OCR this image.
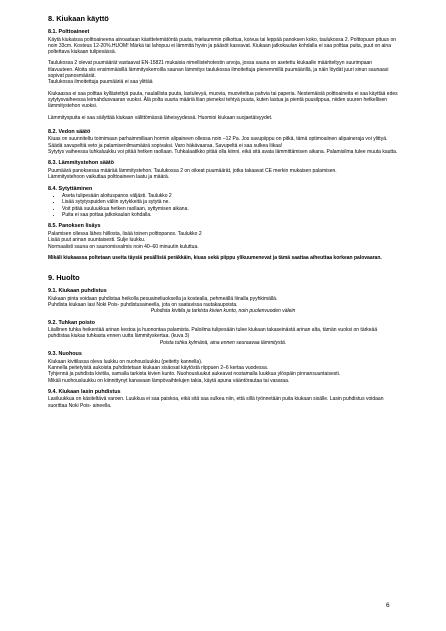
8. Kiukaan käyttö
8.1. Polttoaineet

Käytä kiukaissa polttoaineena ainoastaan käsittelemätöntä puuta, mieluummin pilkottua, koivua tai leppää panoksen koko, taulukossa 2. Polttopuun pituus on noin 33cm. Kosteus 12-20%.HUOM! Märkä tai lahopuu ei lämmitä hyvin ja pääsöt kasvavat. Kiukaan jatkokaulan kohdalla ei saa polttaa puita, puut on aina poltettava kiukaan tulipesässä.

Taulukossa 2 olevat puumäärät vastaavat EN-15821 mukaisia nimellistehotestin arvoja, jossa sauna on asetettu kiukaalle määriteltyyn suurimpaan tilavuuteen. Aloita siis ensimmäisillä lämmityskerroilla saunan lämmitys taulukossa ilmoitettuja pienemmillä puumäärillä, ja näin löydät juuri sinun saunaasi sopivat panosmäärät.

Taulukossa ilmoitettuja puumääriä ei saa ylittää

Kiukaassa ei saa polttaa kyllästettyä puuta, naulallista puuta, lastulevyä, muovia, muovitettua pahvia tai paperia. Nestemäisiä polttoaineita ei saa käyttää edes sytytysvaiheessa leimahdusvaaran vuoksi. Älä polta suuria määriä liian pieneksi tehtyä puuta, kuten lastua ja pientä puusilppua, niiden suuren hetkellisen lämmitystehon vuoksi.

Lämmityspuita ei saa säilyttää kiukaan välittömässä läheisyydessä. Huomioi kiukaan suojaetäisyydet.

8.2. Vedon säätö

Kiuas on suunniteltu toimimaan parhaimmillaan hormin alipaineen ollessa noin –12 Pa. Jos savupiippu on pitkä, tämä optimoaiinen alipaineraja voi ylittyä. Säädä savupeltiä veto ja palamisenilmamäärä sopivaksi. Varo häkävaaraa. Savupeltä ei saa sulkea liikaa!

Sytytys vaiheessa tuhkaluukku voi pitää hetken raollaan. Tuhkalaatikko pitää olla kiinni. eikä sitä avata lämmittämisen aikana. Palamisilma tulee muuta kautta.

8.3. Lämmitystehon säätö

Puumäärä panoksessa määrää lämmitystehon. Taulukossa 2 on oikeat puumäärät, jotka takaavat CE merkin mukaisen palamisen.

Lämmitystehoon vaikuttaa polttoaineen laatu ja määrä.

8.4. Sytyttäminen
• Aseta tulipesään aloituspanos väljästi. Taulukko 2
• Lisää sytytyspuiden väliin sytykkeitä ja sytytä ne.
• Voit pitää suuluukkua hetken raollaan, syttymisen aikana.
• Puita ei saa pottaa jatkokaulan kohdalla.
8.5. Panoksen lisäys

Palamisen ollessa lähes hiillosta, lisää toinen polttopanos. Taulukko 2

Lisää puut arinan suuntaisesti. Sulje luukku.

Normaalisti sauna on saunomisvalmis noin 40–60 minuutin kuluttua.

Mikäli kiukaassa poltetaan useita täysiä pesällisiä peräkkäin, kiuas sekä piippu ylikuumenevat ja tämä saattaa aiheuttaa korkean palovaaran.

9. Huolto
9.1. Kiukaan puhdistus

Kiukaan pinta voidaan puhdistaa heikolla pesuaineliuoksella ja kostealla, pehmeällä liinalla pyyhkimällä.

Puhdista kiukaan lasi Noki Pois- puhdistusaineella, jota on saatavissa rautakaupoista.

Puhdista kivitila ja tarkista kivien kunto, noin puolenvuoden välein

9.2. Tuhkan poisto

Liiallinen tuhka heikentää arinan kestoa ja huonontaa palamista. Paloilma tulipesään tulee kiukaan takaseinästä arinan alta, tämän vuoksi on tärkeää puhdistaa kiukas tuhkasta ennen uutta lämmityskertaa. (kuva 3)

Poista tuhka kylmänä, aina ennen seuraavaa lämmitystä.

9.3. Nuohous

Kiukaan kivitilassa oleva luukku on nuohousluukku (peitetty kannella).

Kannella peitetyistä aukoista puhdistetaan kiukaan sisäosat käytöstä riippuen 2–6 kertaa vuodessa.

Tyhjennä ja puhdista kivitila, samalla tarkista kivien kunto. Nuohousluukut aukeavat nostamalla luukkua ylöspäin pinnansuuntaisesti.

Mikäli nuohousluukku on kiinnittynyt kanavaan lämpövaihtelujen takia, käytä apuna vääntörautaa tai vasaraa.

9.4. Kiukaan lasin puhdistus

Lasiluukkua on käsiteltävä varoen. Luukkua ei saa paiskoa, eikä sitä saa sulkea niin, että sillä työnnetään puita kiukaan sisälle. Lasin puhdistus voidaan suorittaa Noki Pois- aineella.

6
